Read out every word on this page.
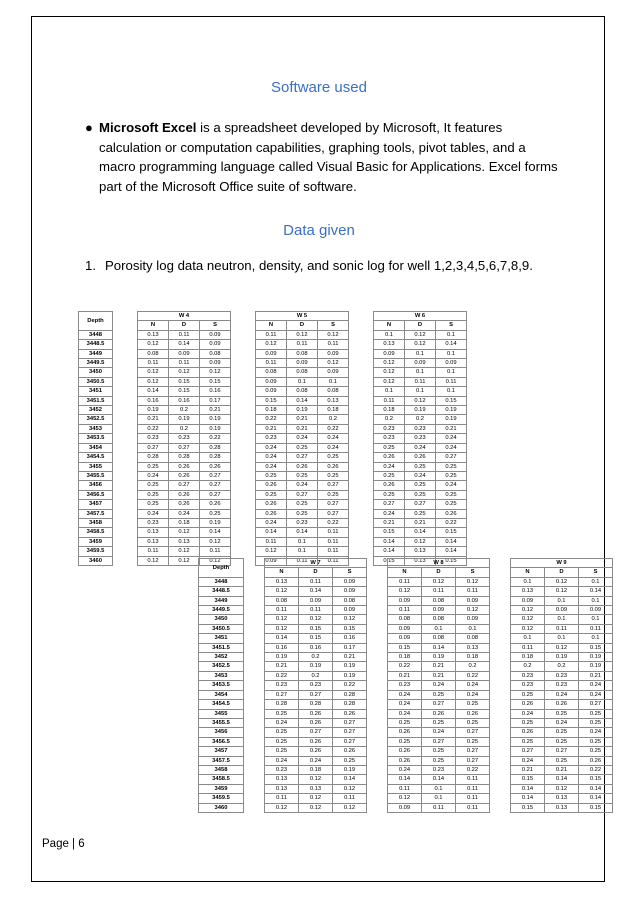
Software used
● Microsoft Excel is a spreadsheet developed by Microsoft, It features calculation or computation capabilities, graphing tools, pivot tables, and a macro programming language called Visual Basic for Applications. Excel forms part of the Microsoft Office suite of software.
Data given
1. Porosity log data neutron, density, and sonic log for well 1,2,3,4,5,6,7,8,9.
Depth		W 4				W 5				W 6		
		N	D	S		N	D	S		N	D	S
3448		0.13	0.11	0.09		0.11	0.12	0.12		0.1	0.12	0.1
3448.5		0.12	0.14	0.09		0.12	0.11	0.11		0.13	0.12	0.14
3449		0.08	0.09	0.08		0.09	0.08	0.09		0.09	0.1	0.1
3449.5		0.11	0.11	0.09		0.11	0.09	0.12		0.12	0.09	0.09
3450		0.12	0.12	0.12		0.08	0.08	0.09		0.12	0.1	0.1
3450.5		0.12	0.15	0.15		0.09	0.1	0.1		0.12	0.11	0.11
3451		0.14	0.15	0.16		0.09	0.08	0.08		0.1	0.1	0.1
3451.5		0.16	0.16	0.17		0.15	0.14	0.13		0.11	0.12	0.15
3452		0.19	0.2	0.21		0.18	0.19	0.18		0.18	0.19	0.19
3452.5		0.21	0.19	0.19		0.22	0.21	0.2		0.2	0.2	0.19
3453		0.22	0.2	0.19		0.21	0.21	0.22		0.23	0.23	0.21
3453.5		0.23	0.23	0.22		0.23	0.24	0.24		0.23	0.23	0.24
3454		0.27	0.27	0.28		0.24	0.25	0.24		0.25	0.24	0.24
3454.5		0.28	0.28	0.28		0.24	0.27	0.25		0.26	0.26	0.27
3455		0.25	0.26	0.26		0.24	0.26	0.26		0.24	0.25	0.25
3455.5		0.24	0.26	0.27		0.25	0.25	0.25		0.25	0.24	0.25
3456		0.25	0.27	0.27		0.26	0.24	0.27		0.26	0.25	0.24
3456.5		0.25	0.26	0.27		0.25	0.27	0.25		0.25	0.25	0.25
3457		0.25	0.26	0.26		0.26	0.25	0.27		0.27	0.27	0.25
3457.5		0.24	0.24	0.25		0.26	0.25	0.27		0.24	0.25	0.26
3458		0.23	0.18	0.19		0.24	0.23	0.22		0.21	0.21	0.22
3458.5		0.13	0.12	0.14		0.14	0.14	0.11		0.15	0.14	0.15
3459		0.13	0.13	0.12		0.11	0.1	0.11		0.14	0.12	0.14
3459.5		0.11	0.12	0.11		0.12	0.1	0.11		0.14	0.13	0.14
3460		0.12	0.12	0.12		0.09	0.11	0.11		0.15	0.13	0.15
Depth		W 7				W 8				W 9		
		N	D	S		N	D	S		N	D	S
3448		0.13	0.11	0.09		0.11	0.12	0.12		0.1	0.12	0.1
3448.5		0.12	0.14	0.09		0.12	0.11	0.11		0.13	0.12	0.14
3449		0.08	0.09	0.08		0.09	0.08	0.09		0.09	0.1	0.1
3449.5		0.11	0.11	0.09		0.11	0.09	0.12		0.12	0.09	0.09
3450		0.12	0.12	0.12		0.08	0.08	0.09		0.12	0.1	0.1
3450.5		0.12	0.15	0.15		0.09	0.1	0.1		0.12	0.11	0.11
3451		0.14	0.15	0.16		0.09	0.08	0.08		0.1	0.1	0.1
3451.5		0.16	0.16	0.17		0.15	0.14	0.13		0.11	0.12	0.15
3452		0.19	0.2	0.21		0.18	0.19	0.18		0.18	0.19	0.19
3452.5		0.21	0.19	0.19		0.22	0.21	0.2		0.2	0.2	0.19
3453		0.22	0.2	0.19		0.21	0.21	0.22		0.23	0.23	0.21
3453.5		0.23	0.23	0.22		0.23	0.24	0.24		0.23	0.23	0.24
3454		0.27	0.27	0.28		0.24	0.25	0.24		0.25	0.24	0.24
3454.5		0.28	0.28	0.28		0.24	0.27	0.25		0.26	0.26	0.27
3455		0.25	0.26	0.26		0.24	0.26	0.26		0.24	0.25	0.25
3455.5		0.24	0.26	0.27		0.25	0.25	0.25		0.25	0.24	0.25
3456		0.25	0.27	0.27		0.26	0.24	0.27		0.26	0.25	0.24
3456.5		0.25	0.26	0.27		0.25	0.27	0.25		0.25	0.25	0.25
3457		0.25	0.26	0.26		0.26	0.25	0.27		0.27	0.27	0.25
3457.5		0.24	0.24	0.25		0.26	0.25	0.27		0.24	0.25	0.26
3458		0.23	0.18	0.19		0.24	0.23	0.22		0.21	0.21	0.22
3458.5		0.13	0.12	0.14		0.14	0.14	0.11		0.15	0.14	0.15
3459		0.13	0.13	0.12		0.11	0.1	0.11		0.14	0.12	0.14
3459.5		0.11	0.12	0.11		0.12	0.1	0.11		0.14	0.13	0.14
3460		0.12	0.12	0.12		0.09	0.11	0.11		0.15	0.13	0.15
Page | 6
